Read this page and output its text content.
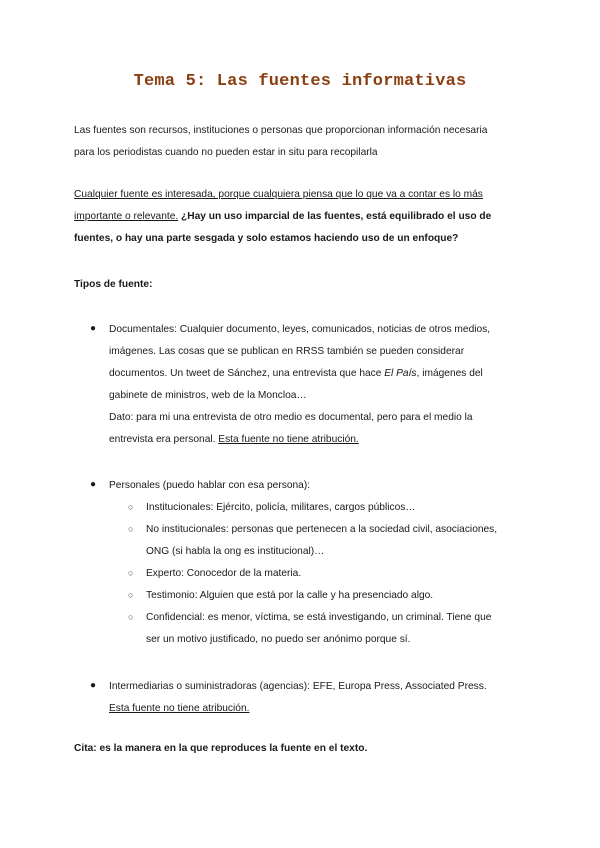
Tema 5: Las fuentes informativas
Las fuentes son recursos, instituciones o personas que proporcionan información necesaria
para los periodistas cuando no pueden estar in situ para recopilarla
Cualquier fuente es interesada, porque cualquiera piensa que lo que va a contar es lo más
importante o relevante. ¿Hay un uso imparcial de las fuentes, está equilibrado el uso de
fuentes, o hay una parte sesgada y solo estamos haciendo uso de un enfoque?
Tipos de fuente:
● Documentales: Cualquier documento, leyes, comunicados, noticias de otros medios,
imágenes. Las cosas que se publican en RRSS también se pueden considerar
documentos. Un tweet de Sánchez, una entrevista que hace El País, imágenes del
gabinete de ministros, web de la Moncloa…
Dato: para mi una entrevista de otro medio es documental, pero para el medio la
entrevista era personal. Esta fuente no tiene atribución.
● Personales (puedo hablar con esa persona):
○ Institucionales: Ejército, policía, militares, cargos públicos…
○ No institucionales: personas que pertenecen a la sociedad civil, asociaciones,
ONG (si habla la ong es institucional)…
○ Experto: Conocedor de la materia.
○ Testimonio: Alguien que está por la calle y ha presenciado algo.
○ Confidencial: es menor, víctima, se está investigando, un criminal. Tiene que
ser un motivo justificado, no puedo ser anónimo porque sí.
● Intermediarias o suministradoras (agencias): EFE, Europa Press, Associated Press.
Esta fuente no tiene atribución.
Cita: es la manera en la que reproduces la fuente en el texto.
